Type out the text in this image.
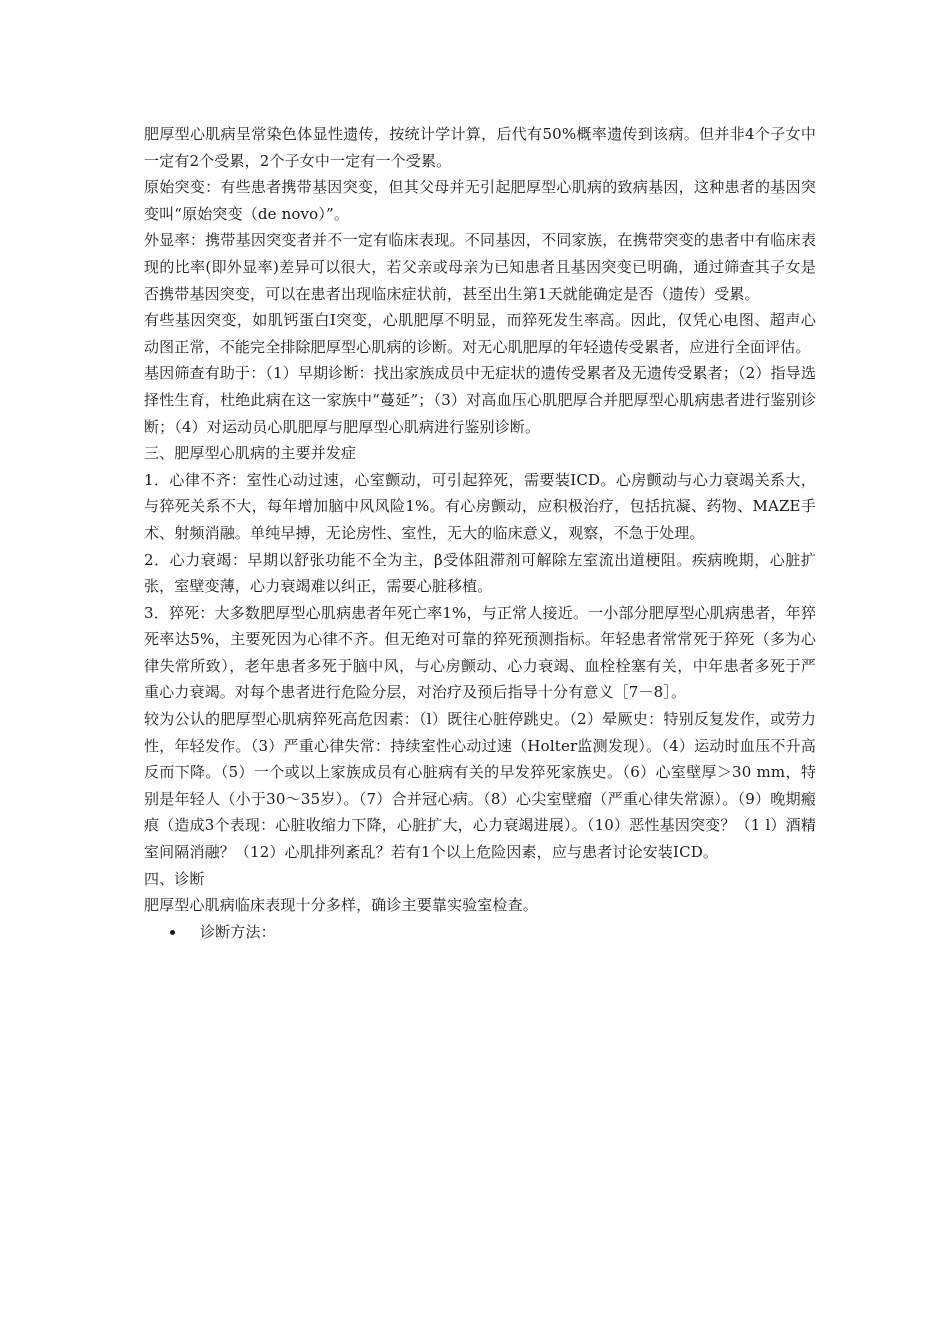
肥厚型心肌病呈常染色体显性遗传，按统计学计算，后代有50%概率遗传到该病。但并非4个子女中一定有2个受累，2个子女中一定有一个受累。

原始突变：有些患者携带基因突变，但其父母并无引起肥厚型心肌病的致病基因，这种患者的基因突变叫“原始突变（de novo）”。

外显率：携带基因突变者并不一定有临床表现。不同基因，不同家族，在携带突变的患者中有临床表现的比率(即外显率)差异可以很大，若父亲或母亲为已知患者且基因突变已明确，通过筛查其子女是否携带基因突变，可以在患者出现临床症状前，甚至出生第1天就能确定是否（遗传）受累。

有些基因突变，如肌钙蛋白Ⅰ突变，心肌肥厚不明显，而猝死发生率高。因此，仅凭心电图、超声心动图正常，不能完全排除肥厚型心肌病的诊断。对无心肌肥厚的年轻遗传受累者，应进行全面评估。

基因筛查有助于：（1）早期诊断：找出家族成员中无症状的遗传受累者及无遗传受累者；（2）指导选择性生育，杜绝此病在这一家族中“蔓延”；（3）对高血压心肌肥厚合并肥厚型心肌病患者进行鉴别诊断；（4）对运动员心肌肥厚与肥厚型心肌病进行鉴别诊断。

三、肥厚型心肌病的主要并发症

1．心律不齐：室性心动过速，心室颤动，可引起猝死，需要装ICD。心房颤动与心力衰竭关系大，与猝死关系不大，每年增加脑中风风险1%。有心房颤动，应积极治疗，包括抗凝、药物、MAZE手术、射频消融。单纯早搏，无论房性、室性，无大的临床意义，观察，不急于处理。

2．心力衰竭：早期以舒张功能不全为主，β受体阻滞剂可解除左室流出道梗阻。疾病晚期，心脏扩张，室壁变薄，心力衰竭难以纠正，需要心脏移植。

3．猝死：大多数肥厚型心肌病患者年死亡率1%，与正常人接近。一小部分肥厚型心肌病患者，年猝死率达5%，主要死因为心律不齐。但无绝对可靠的猝死预测指标。年轻患者常常死于猝死（多为心律失常所致），老年患者多死于脑中风，与心房颤动、心力衰竭、血栓栓塞有关，中年患者多死于严重心力衰竭。对每个患者进行危险分层，对治疗及预后指导十分有意义［7－8］。

较为公认的肥厚型心肌病猝死高危因素：（l）既往心脏停跳史。（2）晕厥史：特别反复发作，或劳力性，年轻发作。（3）严重心律失常：持续室性心动过速（Holter监测发现）。（4）运动时血压不升高反而下降。（5）一个或以上家族成员有心脏病有关的早发猝死家族史。（6）心室壁厚＞30 mm，特别是年轻人（小于30～35岁）。（7）合并冠心病。（8）心尖室壁瘤（严重心律失常源）。（9）晚期瘢痕（造成3个表现：心脏收缩力下降，心脏扩大，心力衰竭进展）。（10）恶性基因突变？（1 l）酒精室间隔消融？（12）心肌排列紊乱？若有1个以上危险因素，应与患者讨论安装ICD。

四、诊断

肥厚型心肌病临床表现十分多样，确诊主要靠实验室检查。

诊断方法：
